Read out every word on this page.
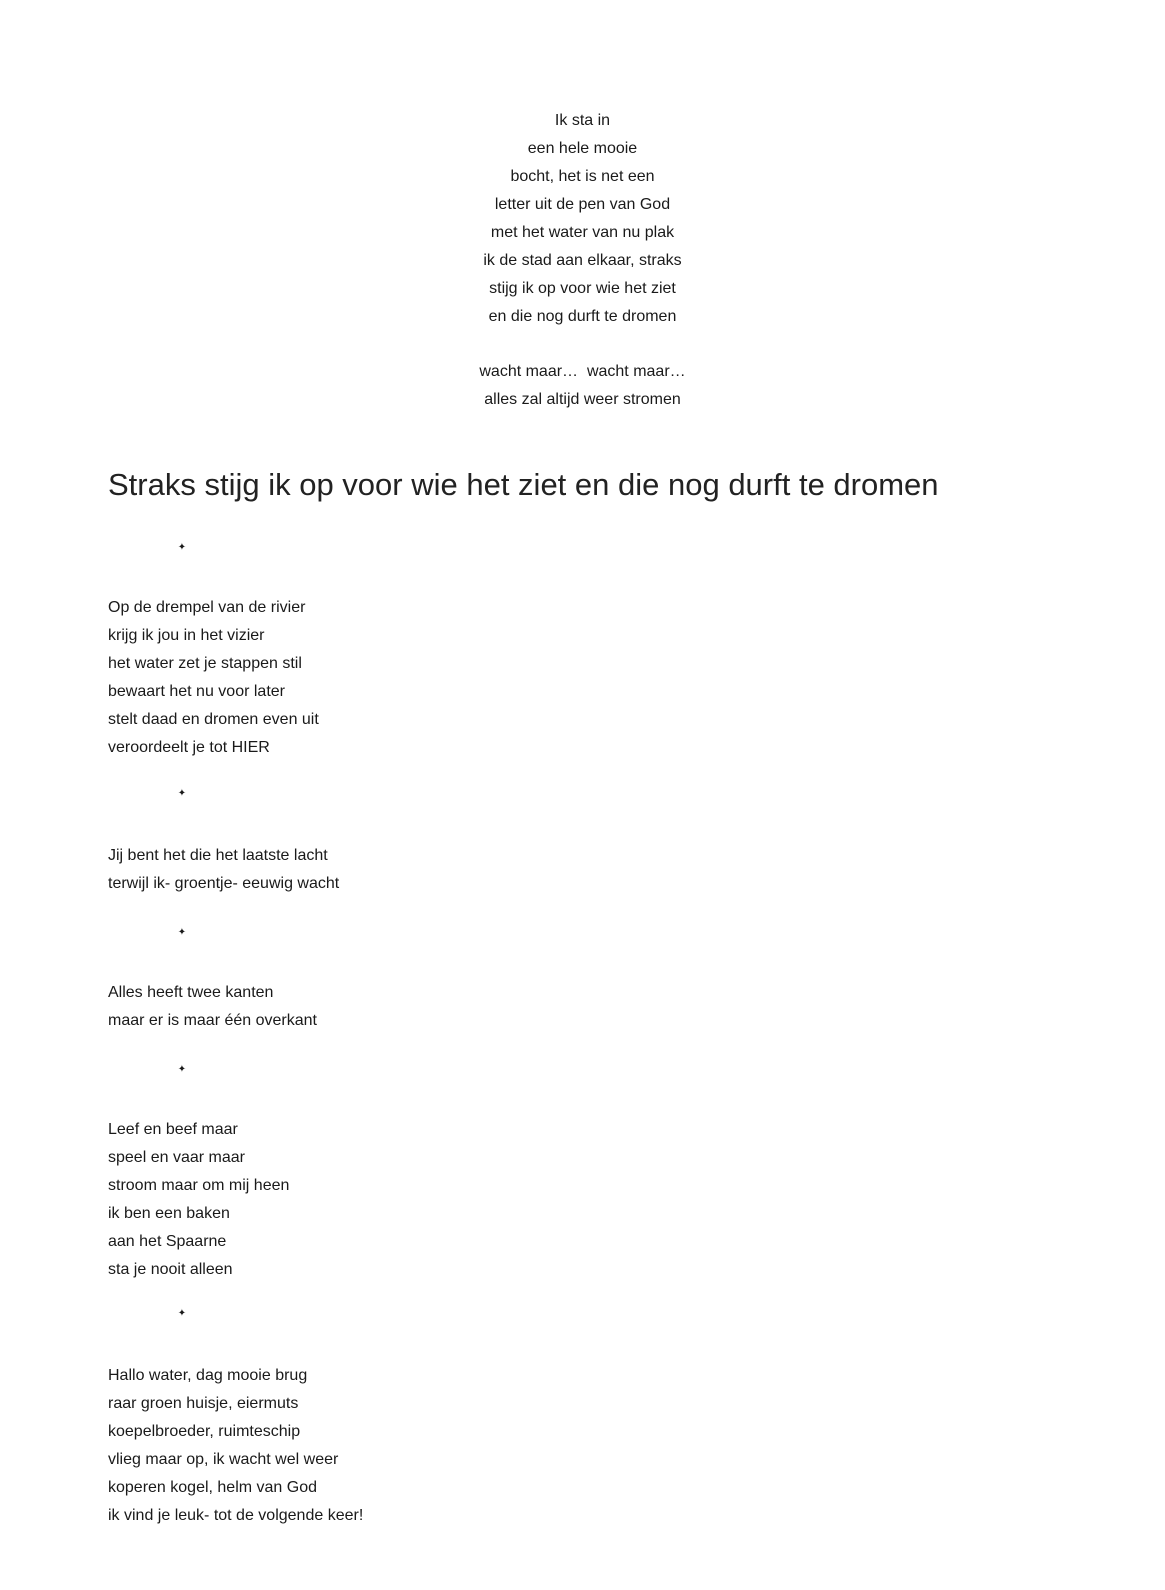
Ik sta in
een hele mooie
bocht, het is net een
letter uit de pen van God
met het water van nu plak
ik de stad aan elkaar, straks
stijg ik op voor wie het ziet
en die nog durft te dromen
wacht maar…  wacht maar…
alles zal altijd weer stromen
Straks stijg ik op voor wie het ziet en die nog durft te dromen
✦
Op de drempel van de rivier
krijg ik jou in het vizier
het water zet je stappen stil
bewaart het nu voor later
stelt daad en dromen even uit
veroordeelt je tot HIER
✦
Jij bent het die het laatste lacht
terwijl ik- groentje- eeuwig wacht
✦
Alles heeft twee kanten
maar er is maar één overkant
✦
Leef en beef maar
speel en vaar maar
stroom maar om mij heen
ik ben een baken
aan het Spaarne
sta je nooit alleen
✦
Hallo water, dag mooie brug
raar groen huisje, eiermuts
koepelbroeder, ruimteschip
vlieg maar op, ik wacht wel weer
koperen kogel, helm van God
ik vind je leuk- tot de volgende keer!
